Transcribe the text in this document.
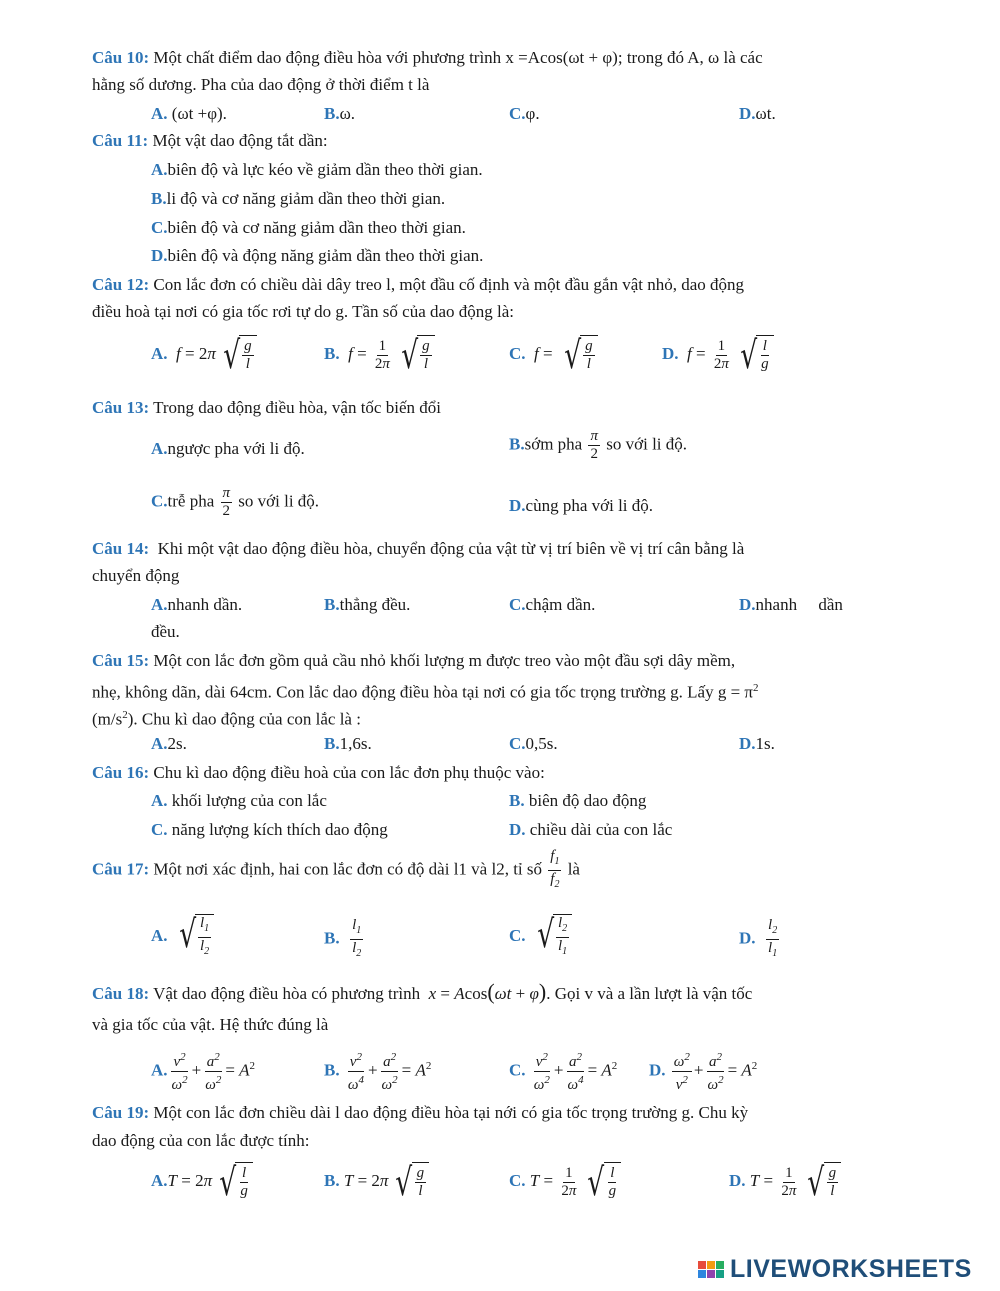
Câu 10: Một chất điểm dao động điều hòa với phương trình x =Acos(ωt + φ); trong đó A, ω là các
hằng số dương. Pha của dao động ở thời điểm t là
A. (ωt +φ).	B.ω.	C.φ.	D.ωt.
Câu 11: Một vật dao động tắt dần:
A.biên độ và lực kéo về giảm dần theo thời gian.
B.li độ và cơ năng giảm dần theo thời gian.
C.biên độ và cơ năng giảm dần theo thời gian.
D.biên độ và động năng giảm dần theo thời gian.
Câu 12: Con lắc đơn có chiều dài dây treo l, một đầu cố định và một đầu gắn vật nhỏ, dao động
điều hoà tại nơi có gia tốc rơi tự do g. Tần số của dao động là:
A. f = 2π √ $\frac{g}{l}$	B. $f = \frac{1}{2\pi}$ √ $\frac{g}{l}$	C. f = √ $\frac{g}{l}$	D. $f = \frac{1}{2\pi}$ √ $\frac{l}{g}$
Câu 13: Trong dao động điều hòa, vận tốc biến đổi
A.ngược pha với li độ.	B.sớm pha $\frac{\pi}{2}$ so với li độ.
C.trễ pha $\frac{\pi}{2}$ so với li độ.	D.cùng pha với li độ.
Câu 14:  Khi một vật dao động điều hòa, chuyển động của vật từ vị trí biên về vị trí cân bằng là
chuyển động
A.nhanh dần.	B.thẳng đều.	C.chậm dần.	D.nhanh     dần
đều.
Câu 15: Một con lắc đơn gồm quả cầu nhỏ khối lượng m được treo vào một đầu sợi dây mềm,
nhẹ, không dãn, dài 64cm. Con lắc dao động điều hòa tại nơi có gia tốc trọng trường g. Lấy $g = \pi^2$
$(m/s^2)$. Chu kì dao động của con lắc là :
A.2s.	B.1,6s.	C.0,5s.	D.1s.
Câu 16: Chu kì dao động điều hoà của con lắc đơn phụ thuộc vào:
A. khối lượng của con lắc	B. biên độ dao động
C. năng lượng kích thích dao động	D. chiều dài của con lắc
Câu 17: Một nơi xác định, hai con lắc đơn có độ dài l1 và l2, tỉ số $\frac{f_1}{f_2}$ là
A. √ $\frac{l_1}{l_2}$	B. $\frac{l_1}{l_2}$	C. √ $\frac{l_2}{l_1}$	D. $\frac{l_2}{l_1}$
Câu 18: Vật dao động điều hòa có phương trình x = Acos(ωt + φ). Gọi v và a lần lượt là vận tốc
và gia tốc của vật. Hệ thức đúng là
A. $\frac{v^2}{\omega^2} + \frac{a^2}{\omega^2} = A^2$	B. $\frac{v^2}{\omega^4} + \frac{a^2}{\omega^2} = A^2$	C. $\frac{v^2}{\omega^2} + \frac{a^2}{\omega^4} = A^2$ D. $\frac{\omega^2}{v^2} + \frac{a^2}{\omega^2} = A^2$
Câu 19: Một con lắc đơn chiều dài l dao động điều hòa tại nới có gia tốc trọng trường g. Chu kỳ
dao động của con lắc được tính:
A.T = 2π √ $\frac{l}{g}$	B. T = 2π √ $\frac{g}{l}$	C. $T = \frac{1}{2\pi}$ √ $\frac{l}{g}$	D. $T = \frac{1}{2\pi}$ √ $\frac{g}{l}$
LIVEWORKSHEETS
